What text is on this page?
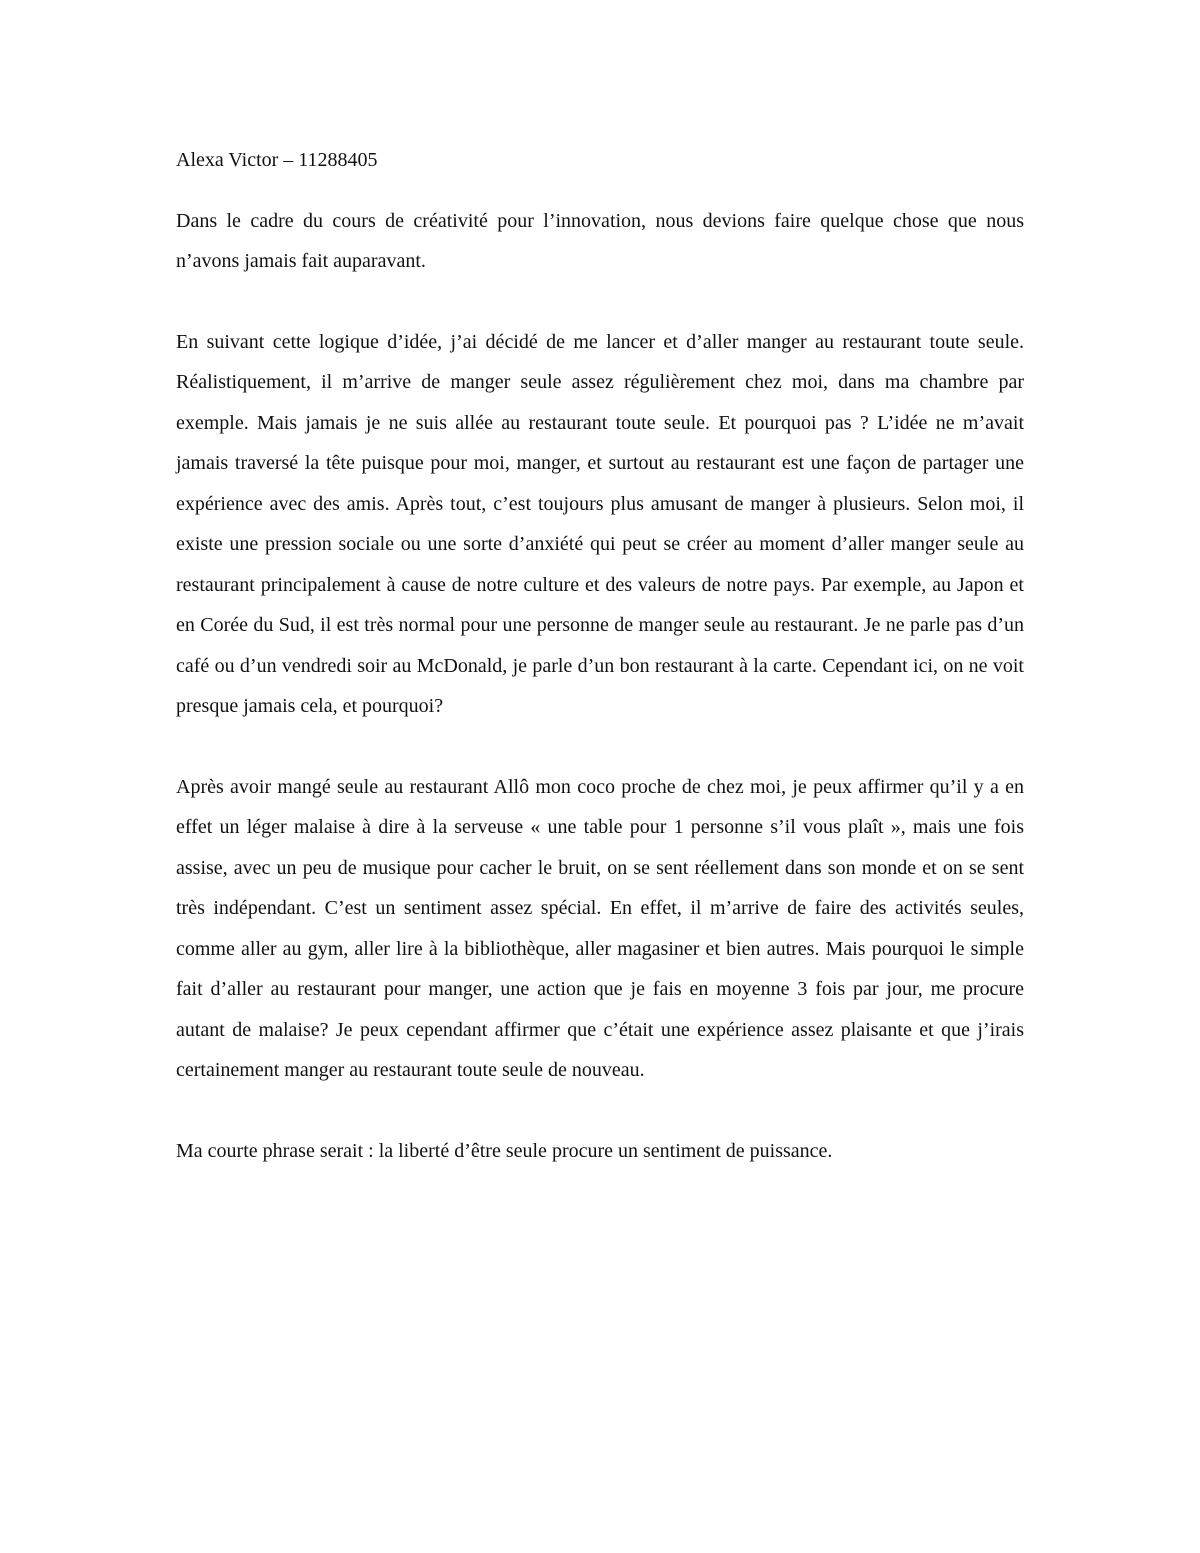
Alexa Victor – 11288405

Dans le cadre du cours de créativité pour l’innovation, nous devions faire quelque chose que nous n’avons jamais fait auparavant.

En suivant cette logique d’idée, j’ai décidé de me lancer et d’aller manger au restaurant toute seule. Réalistiquement, il m’arrive de manger seule assez régulièrement chez moi, dans ma chambre par exemple. Mais jamais je ne suis allée au restaurant toute seule. Et pourquoi pas ? L’idée ne m’avait jamais traversé la tête puisque pour moi, manger, et surtout au restaurant est une façon de partager une expérience avec des amis. Après tout, c’est toujours plus amusant de manger à plusieurs. Selon moi, il existe une pression sociale ou une sorte d’anxiété qui peut se créer au moment d’aller manger seule au restaurant principalement à cause de notre culture et des valeurs de notre pays. Par exemple, au Japon et en Corée du Sud, il est très normal pour une personne de manger seule au restaurant. Je ne parle pas d’un café ou d’un vendredi soir au McDonald, je parle d’un bon restaurant à la carte. Cependant ici, on ne voit presque jamais cela, et pourquoi?

Après avoir mangé seule au restaurant Allô mon coco proche de chez moi, je peux affirmer qu’il y a en effet un léger malaise à dire à la serveuse « une table pour 1 personne s’il vous plaît », mais une fois assise, avec un peu de musique pour cacher le bruit, on se sent réellement dans son monde et on se sent très indépendant. C’est un sentiment assez spécial. En effet, il m’arrive de faire des activités seules, comme aller au gym, aller lire à la bibliothèque, aller magasiner et bien autres. Mais pourquoi le simple fait d’aller au restaurant pour manger, une action que je fais en moyenne 3 fois par jour, me procure autant de malaise? Je peux cependant affirmer que c’était une expérience assez plaisante et que j’irais certainement manger au restaurant toute seule de nouveau.

Ma courte phrase serait : la liberté d’être seule procure un sentiment de puissance.
